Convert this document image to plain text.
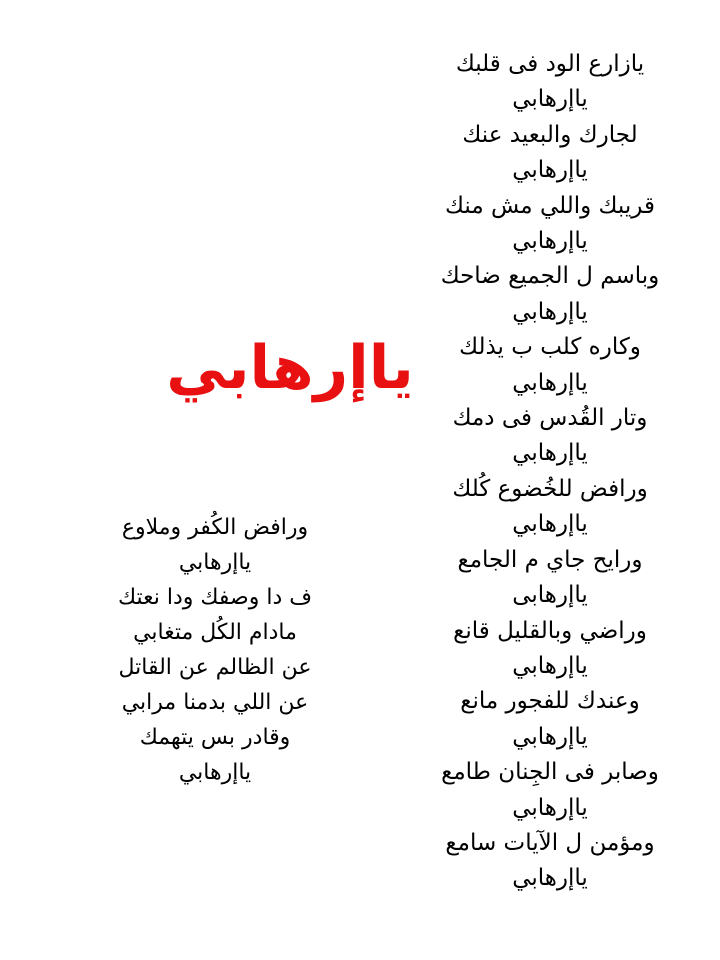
يازارع الود فى قلبك
ياإرهابي
لجارك والبعيد عنك
ياإرهابي
قريبك واللي مش منك
ياإرهابي
وباسم ل الجميع ضاحك
ياإرهابي
وكاره كلب ب يذلك
ياإرهابي
وتار القُدس فى دمك
ياإرهابي
ورافض للخُضوع كُلك
ياإرهابي
ورايح جاي م الجامع
ياإرهابى
وراضي وبالقليل قانع
ياإرهابي
وعندك للفجور مانع
ياإرهابي
وصابر فى الجِنان طامع
ياإرهابي
ومؤمن ل الآيات سامع
ياإرهابي
ياإرهابي
ورافض الكُفر وملاوع
ياإرهابي
ف دا وصفك ودا نعتك
مادام الكُل متغابي
عن الظالم عن القاتل
عن اللي بدمنا مرابي
وقادر بس يتهمك
ياإرهابي
